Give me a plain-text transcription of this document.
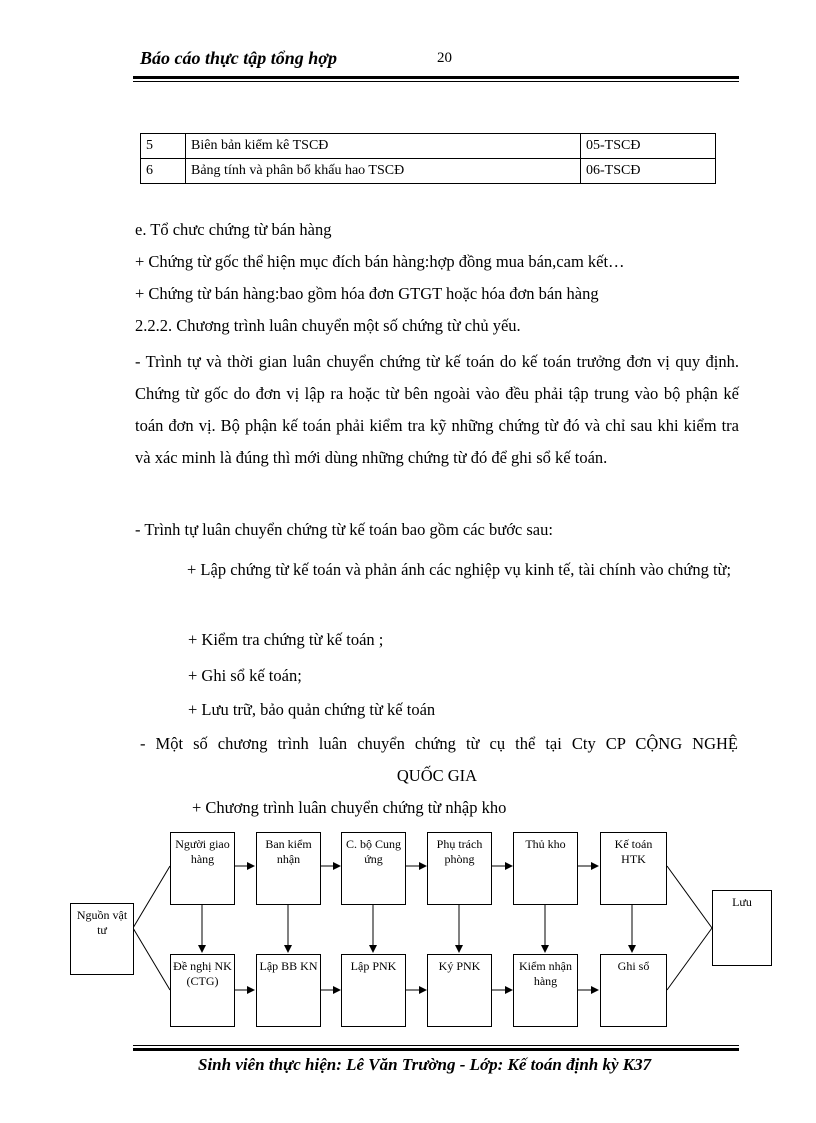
Báo cáo thực tập tổng hợp	20
5	Biên bản kiểm kê TSCĐ	05-TSCĐ
6	Bảng tính và phân bổ khấu hao TSCĐ	06-TSCĐ
e. Tổ chưc chứng từ bán hàng
+ Chứng từ gốc thể hiện mục đích bán hàng:hợp đồng mua bán,cam kết…
+ Chứng từ bán hàng:bao gồm hóa đơn GTGT hoặc hóa đơn bán hàng
2.2.2. Chương trình luân chuyển một số chứng từ chủ yếu.
- Trình tự và thời gian luân chuyển chứng từ kế toán do kế toán trưởng đơn vị quy định. Chứng từ gốc do đơn vị lập ra hoặc từ bên ngoài vào đều phải tập trung vào bộ phận kế toán đơn vị. Bộ phận kế toán phải kiểm tra kỹ những chứng từ đó và chỉ sau khi kiểm tra và xác minh là đúng thì mới dùng những chứng từ đó để ghi sổ kế toán.
- Trình tự luân chuyển chứng từ kế toán bao gồm các bước sau:
+ Lập chứng từ kế toán và phản ánh các nghiệp vụ kinh tế, tài chính vào chứng từ;
+ Kiểm tra chứng từ kế toán ;
+ Ghi sổ kế toán;
+ Lưu trữ, bảo quản chứng từ kế toán
- Một số chương trình luân chuyển chứng từ cụ thể tại Cty CP CỘNG NGHỆ
QUỐC GIA
+ Chương trình luân chuyển chứng từ nhập kho
Nguồn vật tư
Lưu
Người giao hàng
Ban kiểm nhận
C. bộ Cung ứng
Phụ trách phòng
Thủ kho	Kế toán HTK
Đề nghị NK (CTG)
Lập BB KN	Lập PNK	Ký PNK	Kiểm nhận hàng
Ghi sổ
Sinh viên thực hiện: Lê Văn Trường - Lớp: Kế toán định kỳ K37
